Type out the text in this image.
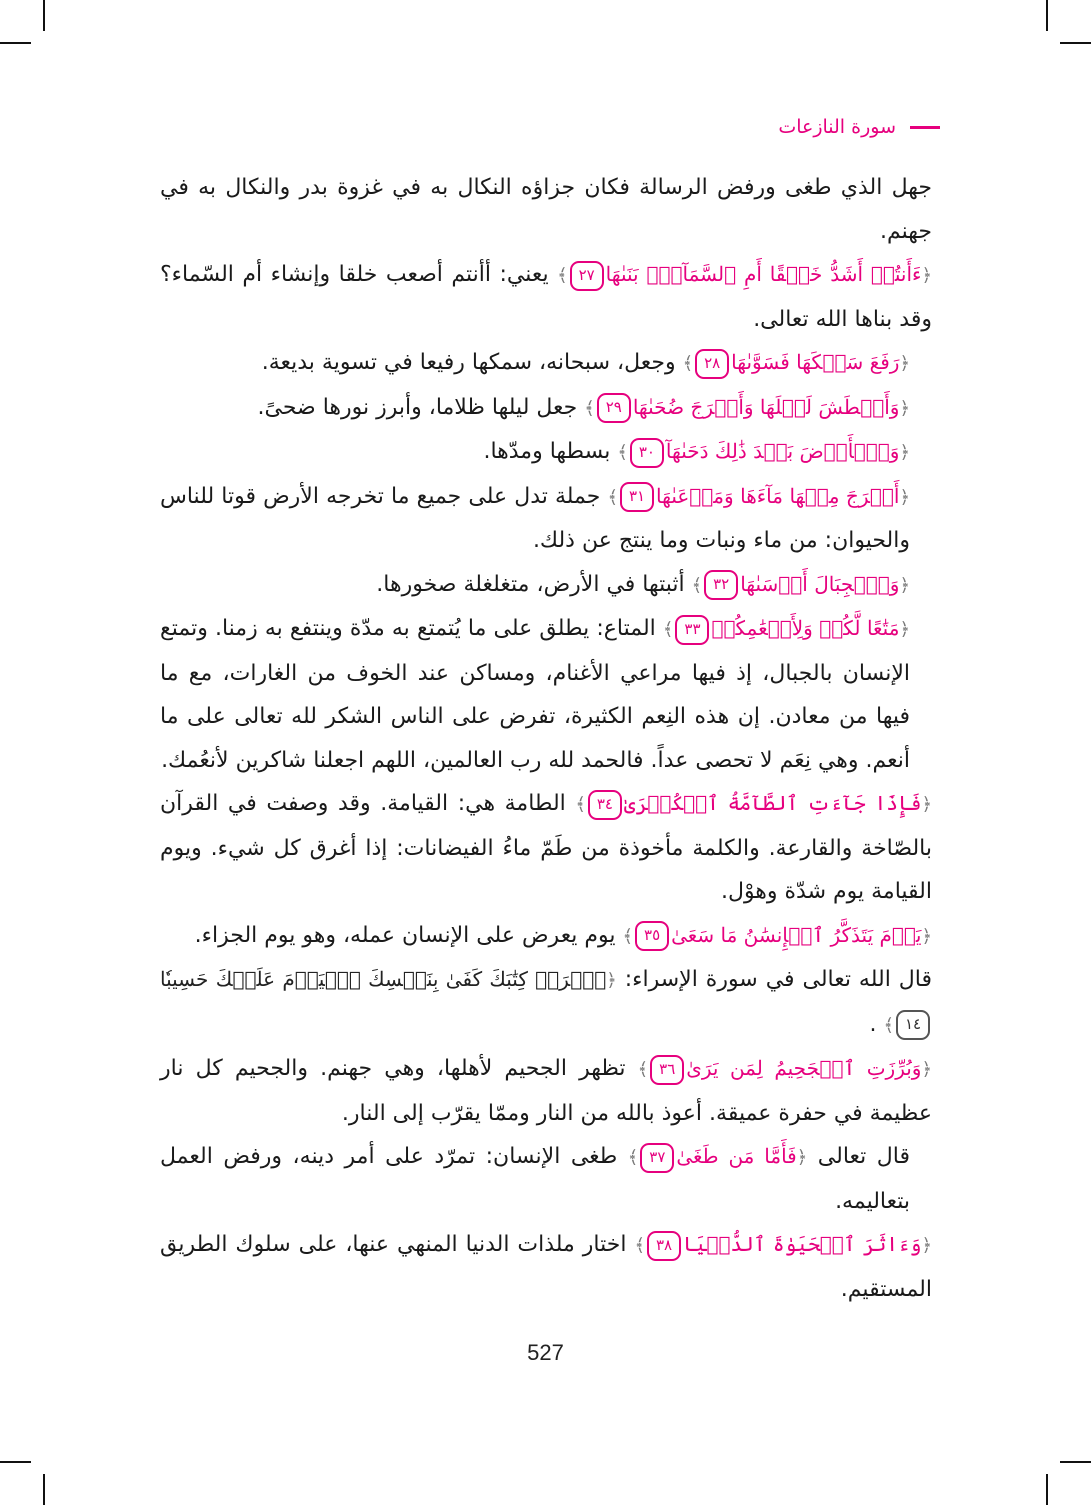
سورة النازعات

جهل الذي طغى ورفض الرسالة فكان جزاؤه النكال به في غزوة بدر والنكال به في جهنم.

﴿ءَأَنتُمۡ أَشَدُّ خَلۡقًا أَمِ ٱلسَّمَآءُۚ بَنَىٰهَا٢٧﴾ يعني: أأنتم أصعب خلقا وإنشاء أم السّماء؟ وقد بناها الله تعالى.

﴿رَفَعَ سَمۡكَهَا فَسَوَّىٰهَا٢٨﴾ وجعل، سبحانه، سمكها رفيعا في تسوية بديعة.

﴿وَأَغۡطَشَ لَيۡلَهَا وَأَخۡرَجَ ضُحَىٰهَا٢٩﴾ جعل ليلها ظلاما، وأبرز نورها ضحىً.

﴿وَٱلۡأَرۡضَ بَعۡدَ ذَٰلِكَ دَحَىٰهَآ٣٠﴾ بسطها ومدّها.

﴿أَخۡرَجَ مِنۡهَا مَآءَهَا وَمَرۡعَىٰهَا٣١﴾ جملة تدل على جميع ما تخرجه الأرض قوتا للناس والحيوان: من ماء ونبات وما ينتج عن ذلك.

﴿وَٱلۡجِبَالَ أَرۡسَىٰهَا٣٢﴾ أثبتها في الأرض، متغلغلة صخورها.

﴿مَتَٰعًا لَّكُمۡ وَلِأَنۡعَٰمِكُمۡ٣٣﴾ المتاع: يطلق على ما يُتمتع به مدّة وينتفع به زمنا. وتمتع الإنسان بالجبال، إذ فيها مراعي الأغنام، ومساكن عند الخوف من الغارات، مع ما فيها من معادن. إن هذه النِعم الكثيرة، تفرض على الناس الشكر لله تعالى على ما أنعم. وهي نِعَم لا تحصى عداً. فالحمد لله رب العالمين، اللهم اجعلنا شاكرين لأنعُمك.

﴿فَإِذَا جَآءَتِ ٱلطَّآمَّةُ ٱلۡكُبۡرَىٰ٣٤﴾ الطامة هي: القيامة. وقد وصفت في القرآن بالصّاخة والقارعة. والكلمة مأخوذة من طَمّ ماءُ الفيضانات: إذا أغرق كل شيء. ويوم القيامة يوم شدّة وهوْل.

﴿يَوۡمَ يَتَذَكَّرُ ٱلۡإِنسَٰنُ مَا سَعَىٰ٣٥﴾ يوم يعرض على الإنسان عمله، وهو يوم الجزاء.

قال الله تعالى في سورة الإسراء: ﴿ٱقۡرَأۡ كِتَٰبَكَ كَفَىٰ بِنَفۡسِكَ ٱلۡيَوۡمَ عَلَيۡكَ حَسِيبٗا١٤﴾ .

﴿وَبُرِّزَتِ ٱلۡجَحِيمُ لِمَن يَرَىٰ٣٦﴾ تظهر الجحيم لأهلها، وهي جهنم. والجحيم كل نار عظيمة في حفرة عميقة. أعوذ بالله من النار وممّا يقرّب إلى النار.

قال تعالى ﴿فَأَمَّا مَن طَغَىٰ٣٧﴾ طغى الإنسان: تمرّد على أمر دينه، ورفض العمل بتعاليمه.

﴿وَءَاثَرَ ٱلۡحَيَوٰةَ ٱلدُّنۡيَا٣٨﴾ اختار ملذات الدنيا المنهي عنها، على سلوك الطريق المستقيم.

527
